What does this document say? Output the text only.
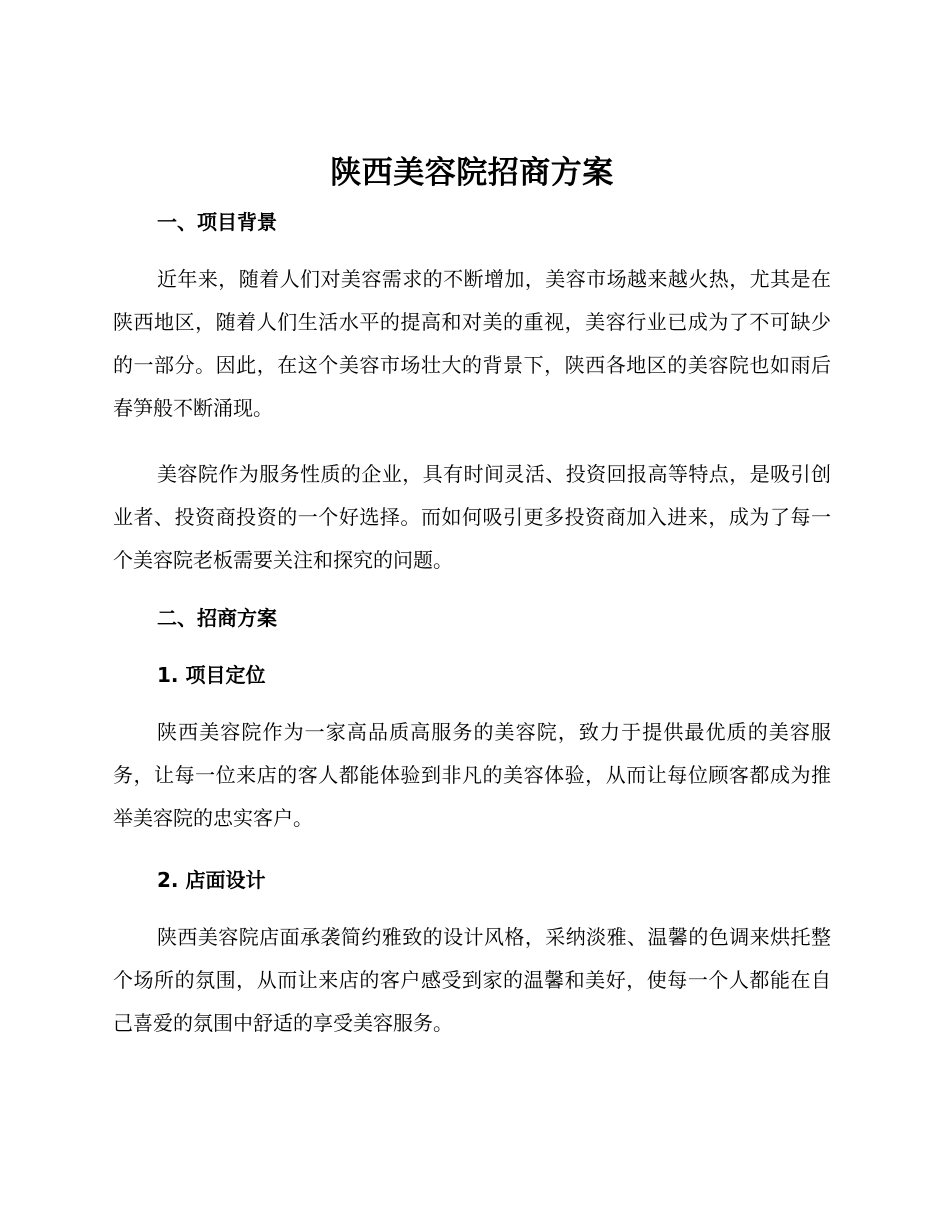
陕西美容院招商方案
一、项目背景
近年来，随着人们对美容需求的不断增加，美容市场越来越火热，尤其是在陕西地区，随着人们生活水平的提高和对美的重视，美容行业已成为了不可缺少的一部分。因此，在这个美容市场壮大的背景下，陕西各地区的美容院也如雨后春笋般不断涌现。
美容院作为服务性质的企业，具有时间灵活、投资回报高等特点，是吸引创业者、投资商投资的一个好选择。而如何吸引更多投资商加入进来，成为了每一个美容院老板需要关注和探究的问题。
二、招商方案
1. 项目定位
陕西美容院作为一家高品质高服务的美容院，致力于提供最优质的美容服务，让每一位来店的客人都能体验到非凡的美容体验，从而让每位顾客都成为推举美容院的忠实客户。
2. 店面设计
陕西美容院店面承袭简约雅致的设计风格，采纳淡雅、温馨的色调来烘托整个场所的氛围，从而让来店的客户感受到家的温馨和美好，使每一个人都能在自己喜爱的氛围中舒适的享受美容服务。
